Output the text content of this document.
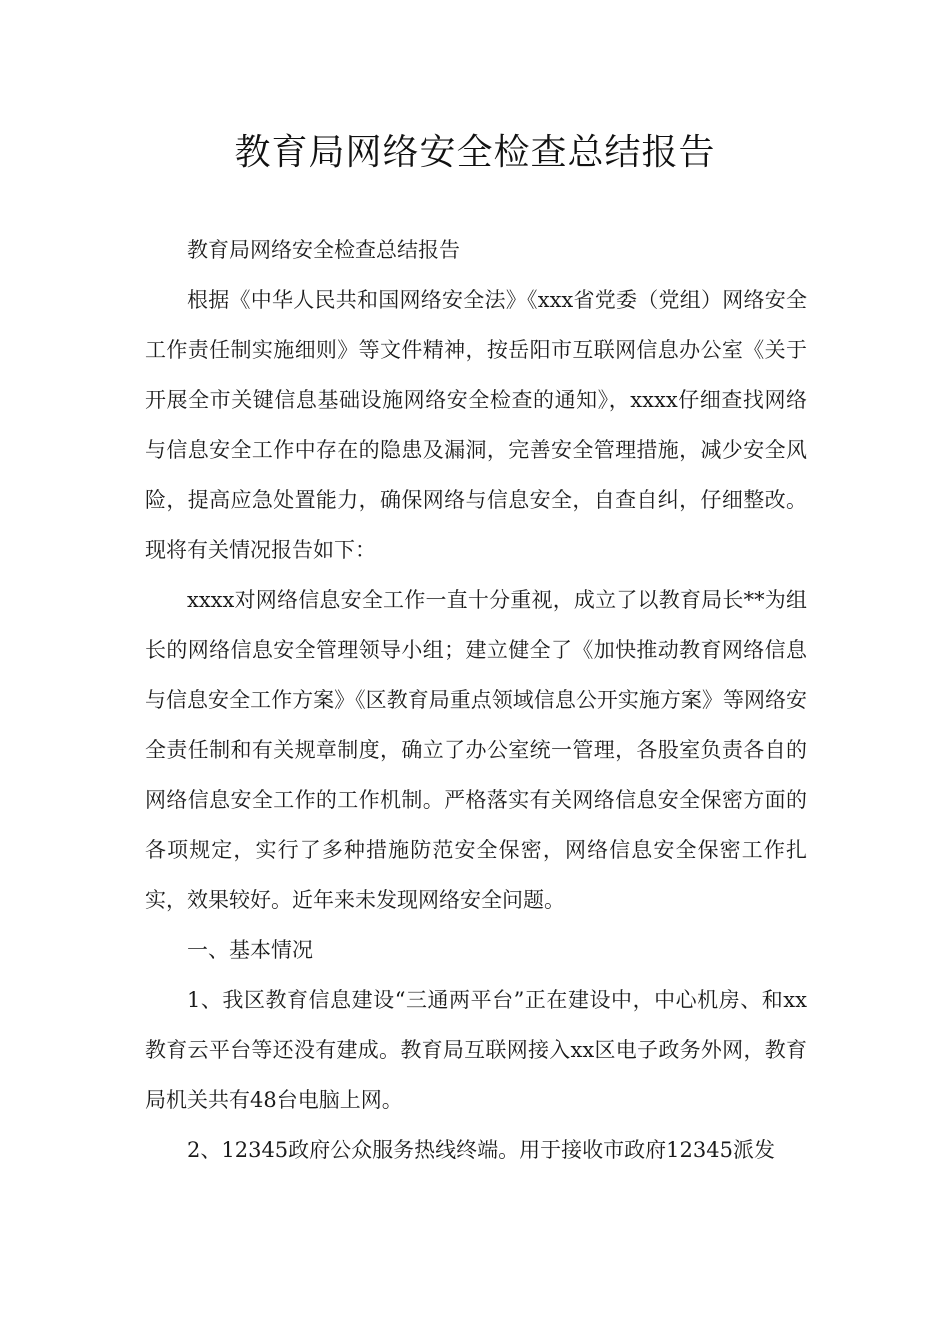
教育局网络安全检查总结报告

教育局网络安全检查总结报告

根据《中华人民共和国网络安全法》《xxx省党委（党组）网络安全工作责任制实施细则》等文件精神，按岳阳市互联网信息办公室《关于开展全市关键信息基础设施网络安全检查的通知》，xxxx仔细查找网络与信息安全工作中存在的隐患及漏洞，完善安全管理措施，减少安全风险，提高应急处置能力，确保网络与信息安全，自查自纠，仔细整改。现将有关情况报告如下：

xxxx对网络信息安全工作一直十分重视，成立了以教育局长**为组长的网络信息安全管理领导小组；建立健全了《加快推动教育网络信息与信息安全工作方案》《区教育局重点领域信息公开实施方案》等网络安全责任制和有关规章制度，确立了办公室统一管理，各股室负责各自的网络信息安全工作的工作机制。严格落实有关网络信息安全保密方面的各项规定，实行了多种措施防范安全保密，网络信息安全保密工作扎实，效果较好。近年来未发现网络安全问题。

一、基本情况

1、我区教育信息建设“三通两平台”正在建设中，中心机房、和xx教育云平台等还没有建成。教育局互联网接入xx区电子政务外网，教育局机关共有48台电脑上网。

2、12345政府公众服务热线终端。用于接收市政府12345派发
